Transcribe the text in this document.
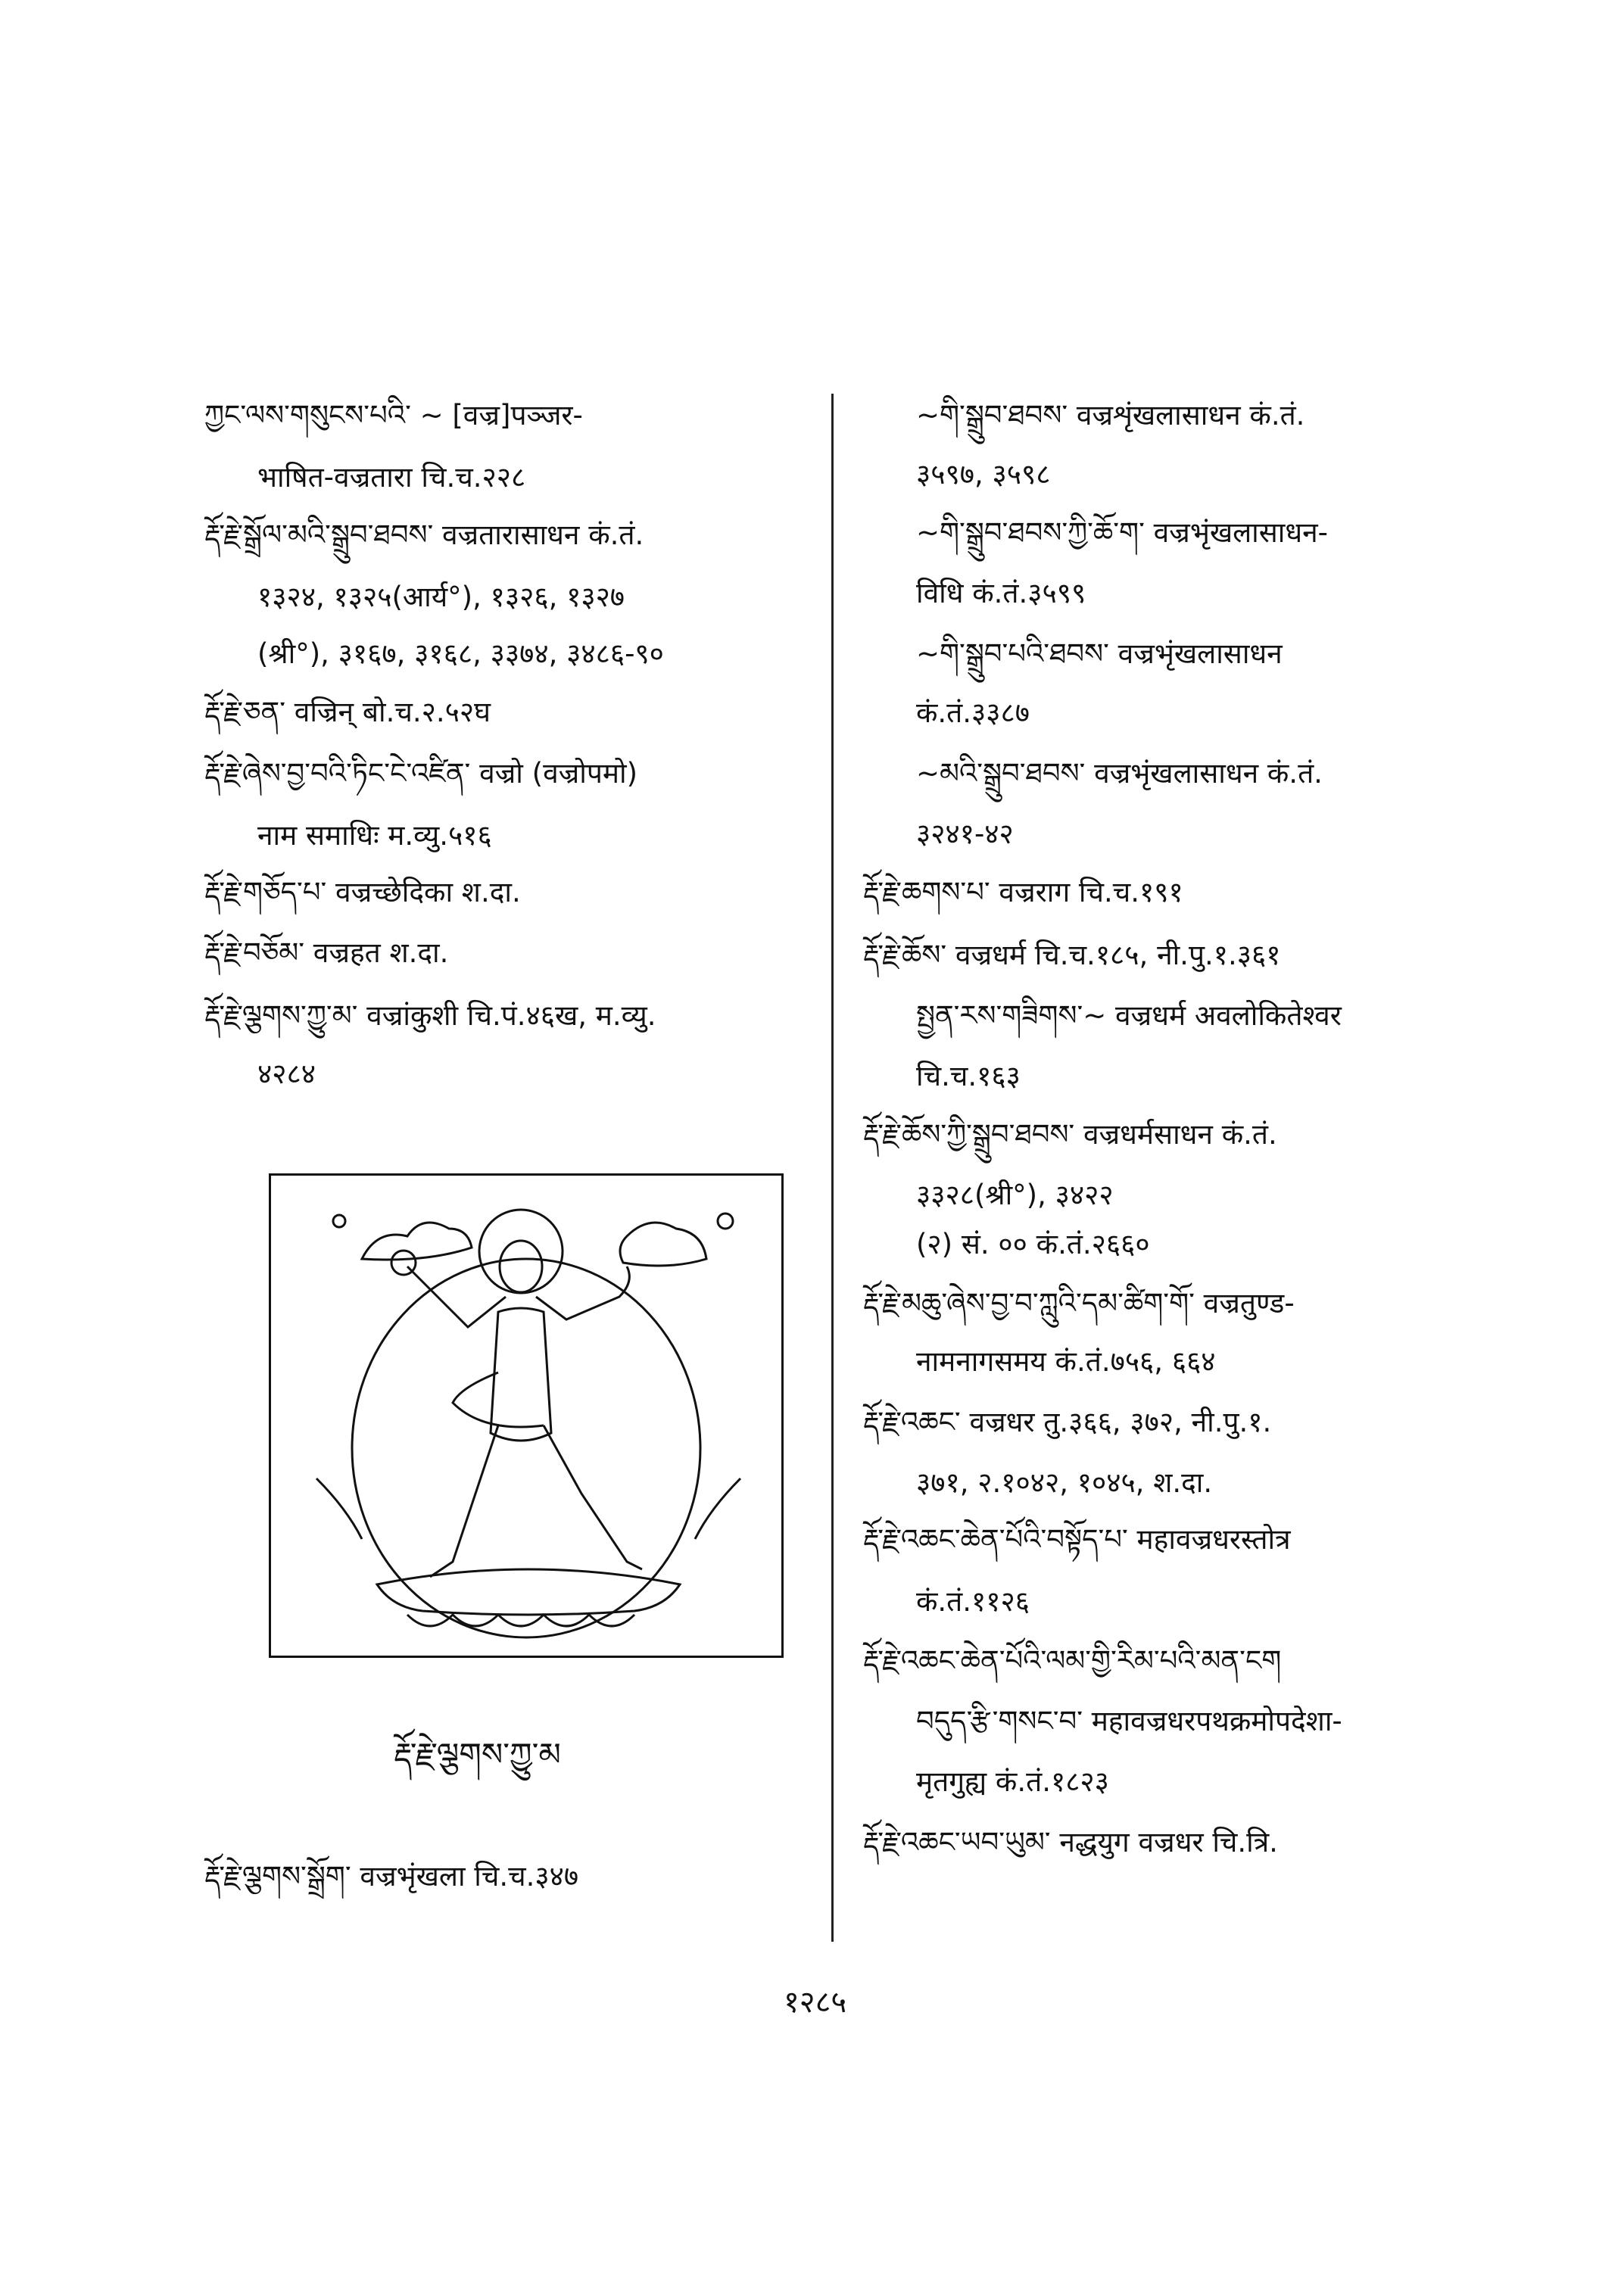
ཀྱང་ལས་གསུངས་པའི་ ~ [वज्र]पञ्जर-
भाषित-वज्रतारा चि.च.२२८
རྡོ་རྗེ་སྒྲོལ་མའི་སྒྲུབ་ཐབས་ वज्रतारासाधन कं.तं.
१३२४, १३२५(आर्य°), १३२६, १३२७
(श्री°), ३१६७, ३१६८, ३३७४, ३४८६-९०
རྡོ་རྗེ་ཅན་ वज्रिन् बो.च.२.५२घ
རྡོ་རྗེ་ཞེས་བྱ་བའི་ཏིང་ངེ་འཛིན་ वज्रो (वज्रोपमो)
नाम समाधिः म.व्यु.५१६
རྡོ་རྗེ་གཅོད་པ་ वज्रच्छेदिका श.दा.
རྡོ་རྗེ་བཅོམ་ वज्रहत श.दा.
རྡོ་རྗེ་ལྕགས་ཀྱུ་མ་ वज्रांकुशी चि.पं.४६ख, म.व्यु.
४२८४
རྡོ་རྗེ་ལྕགས་སྒྲོག་ वज्रभृंखला चि.च.३४७
རྡོ་རྗེ་ལྕགས་ཀྱུ་མ
~གི་སྒྲུབ་ཐབས་ वज्रशृंखलासाधन कं.तं.
३५९७, ३५९८
~གི་སྒྲུབ་ཐབས་ཀྱི་ཆོ་ག་ वज्रभृंखलासाधन-
विधि कं.तं.३५९९
~གི་སྒྲུབ་པའི་ཐབས་ वज्रभृंखलासाधन
कं.तं.३३८७
~མའི་སྒྲུབ་ཐབས་ वज्रभृंखलासाधन कं.तं.
३२४१-४२
རྡོ་རྗེ་ཆགས་པ་ वज्रराग चि.च.१९१
རྡོ་རྗེ་ཆོས་ वज्रधर्म चि.च.१८५, नी.पु.१.३६१
སྤྱན་རས་གཟིགས་~ वज्रधर्म अवलोकितेश्वर
चि.च.१६३
རྡོ་རྗེ་ཆོས་ཀྱི་སྒྲུབ་ཐབས་ वज्रधर्मसाधन कं.तं.
३३२८(श्री°), ३४२२
(२) सं. ०० कं.तं.२६६०
རྡོ་རྗེ་མཆུ་ཞེས་བྱ་བ་ཀླུའི་དམ་ཚིག་གོ་ वज्रतुण्ड-
नामनागसमय कं.तं.७५६, ६६४
རྡོ་རྗེ་འཆང་ वज्रधर तु.३६६, ३७२, नी.पु.१.
३७१, २.१०४२, १०४५, श.दा.
རྡོ་རྗེ་འཆང་ཆེན་པོའི་བསྟོད་པ་ महावज्रधरस्तोत्र
कं.तं.११२६
རྡོ་རྗེ་འཆང་ཆེན་པོའི་ལམ་གྱི་རིམ་པའི་མན་ངག
བདུད་རྩི་གསང་བ་ महावज्रधरपथक्रमोपदेशा-
मृतगुह्य कं.तं.१८२३
རྡོ་རྗེ་འཆང་ཡབ་ཡུམ་ नद्धयुग वज्रधर चि.त्रि.
१२८५
